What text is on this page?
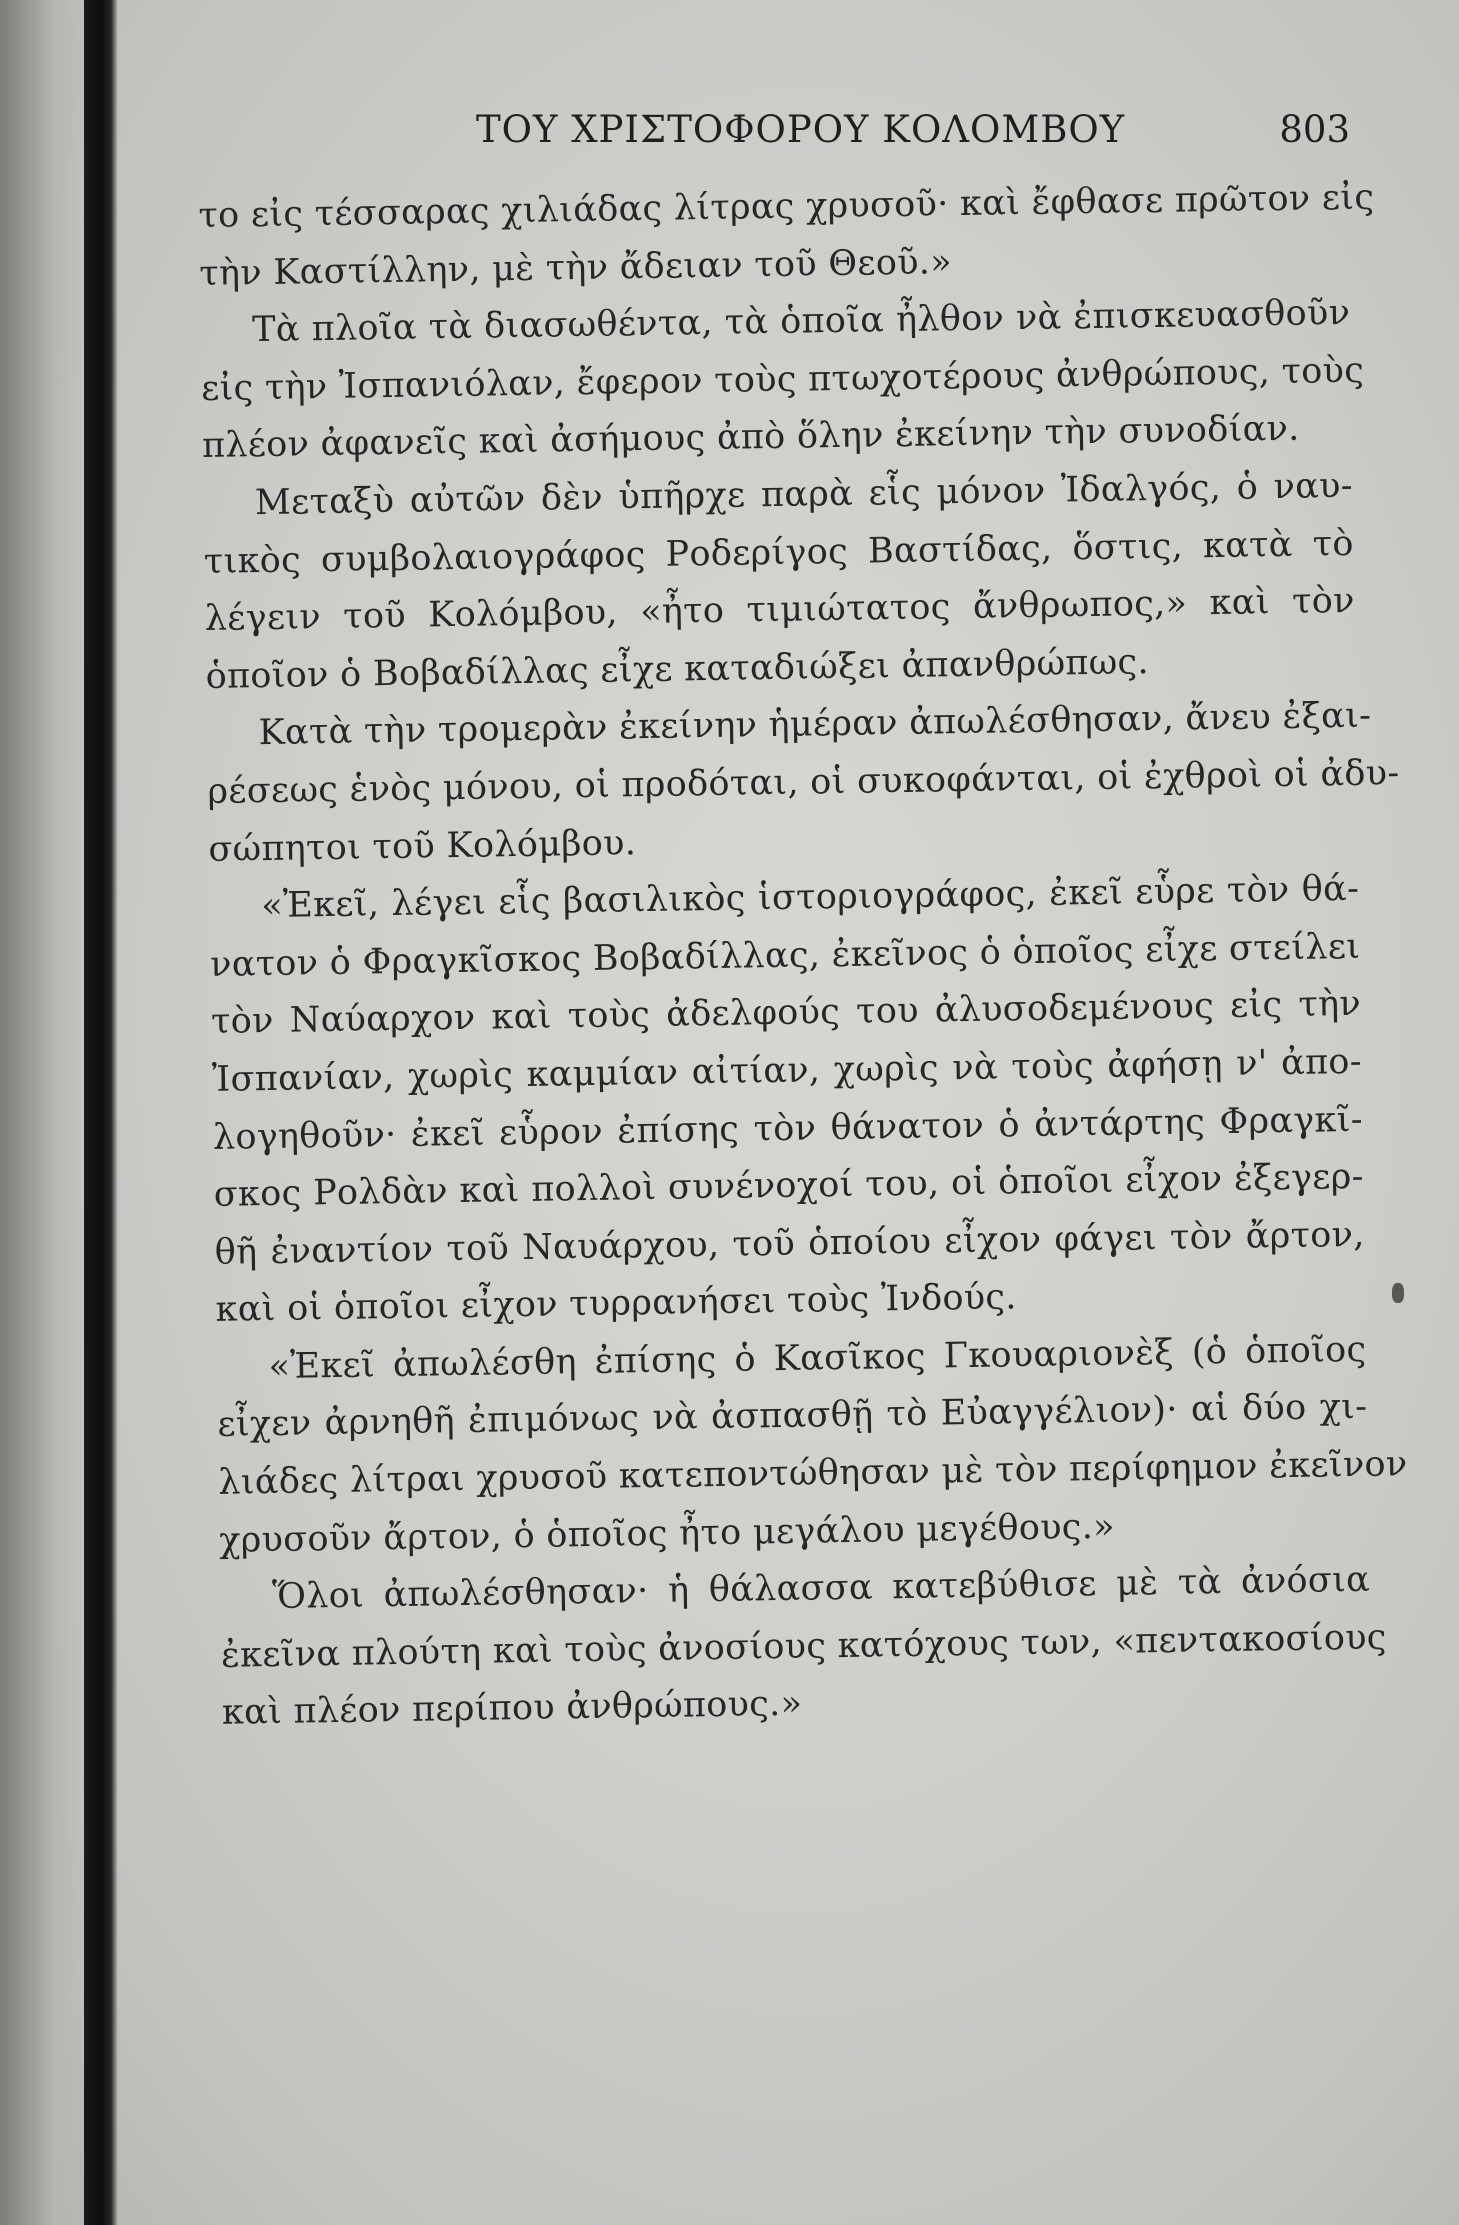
ΤΟΥ ΧΡΙΣΤΟΦΟΡΟΥ ΚΟΛΟΜΒΟΥ	803
το εἰς τέσσαρας χιλιάδας λίτρας χρυσοῦ· καὶ ἔφθασε πρῶτον εἰς
τὴν Καστίλλην, μὲ τὴν ἄδειαν τοῦ Θεοῦ.»
Τὰ πλοῖα τὰ διασωθέντα, τὰ ὁποῖα ἦλθον νὰ ἐπισκευασθοῦν
εἰς τὴν Ἰσπανιόλαν, ἔφερον τοὺς πτωχοτέρους ἀνθρώπους, τοὺς
πλέον ἀφανεῖς καὶ ἀσήμους ἀπὸ ὅλην ἐκείνην τὴν συνοδίαν.
Μεταξὺ αὐτῶν δὲν ὑπῆρχε παρὰ εἷς μόνον Ἰδαλγός, ὁ ναυ-
τικὸς συμβολαιογράφος Ροδερίγος Βαστίδας, ὅστις, κατὰ τὸ
λέγειν τοῦ Κολόμβου, «ἦτο τιμιώτατος ἄνθρωπος,» καὶ τὸν
ὁποῖον ὁ Βοβαδίλλας εἶχε καταδιώξει ἀπανθρώπως.
Κατὰ τὴν τρομερὰν ἐκείνην ἡμέραν ἀπωλέσθησαν, ἄνευ ἐξαι-
ρέσεως ἑνὸς μόνου, οἱ προδόται, οἱ συκοφάνται, οἱ ἐχθροὶ οἱ ἀδυ-
σώπητοι τοῦ Κολόμβου.
«Ἐκεῖ, λέγει εἷς βασιλικὸς ἱστοριογράφος, ἐκεῖ εὗρε τὸν θά-
νατον ὁ Φραγκῖσκος Βοβαδίλλας, ἐκεῖνος ὁ ὁποῖος εἶχε στείλει
τὸν Ναύαρχον καὶ τοὺς ἀδελφούς του ἀλυσοδεμένους εἰς τὴν
Ἰσπανίαν, χωρὶς καμμίαν αἰτίαν, χωρὶς νὰ τοὺς ἀφήσῃ ν' ἀπο-
λογηθοῦν· ἐκεῖ εὗρον ἐπίσης τὸν θάνατον ὁ ἀντάρτης Φραγκῖ-
σκος Ρολδὰν καὶ πολλοὶ συνένοχοί του, οἱ ὁποῖοι εἶχον ἐξεγερ-
θῆ ἐναντίον τοῦ Ναυάρχου, τοῦ ὁποίου εἶχον φάγει τὸν ἄρτον,
καὶ οἱ ὁποῖοι εἶχον τυρρανήσει τοὺς Ἰνδούς.
«Ἐκεῖ ἀπωλέσθη ἐπίσης ὁ Κασῖκος Γκουαριονὲξ (ὁ ὁποῖος
εἶχεν ἀρνηθῆ ἐπιμόνως νὰ ἀσπασθῇ τὸ Εὐαγγέλιον)· αἱ δύο χι-
λιάδες λίτραι χρυσοῦ κατεποντώθησαν μὲ τὸν περίφημον ἐκεῖνον
χρυσοῦν ἄρτον, ὁ ὁποῖος ἦτο μεγάλου μεγέθους.»
Ὅλοι ἀπωλέσθησαν· ἡ θάλασσα κατεβύθισε μὲ τὰ ἀνόσια
ἐκεῖνα πλούτη καὶ τοὺς ἀνοσίους κατόχους των, «πεντακοσίους
καὶ πλέον περίπου ἀνθρώπους.»
